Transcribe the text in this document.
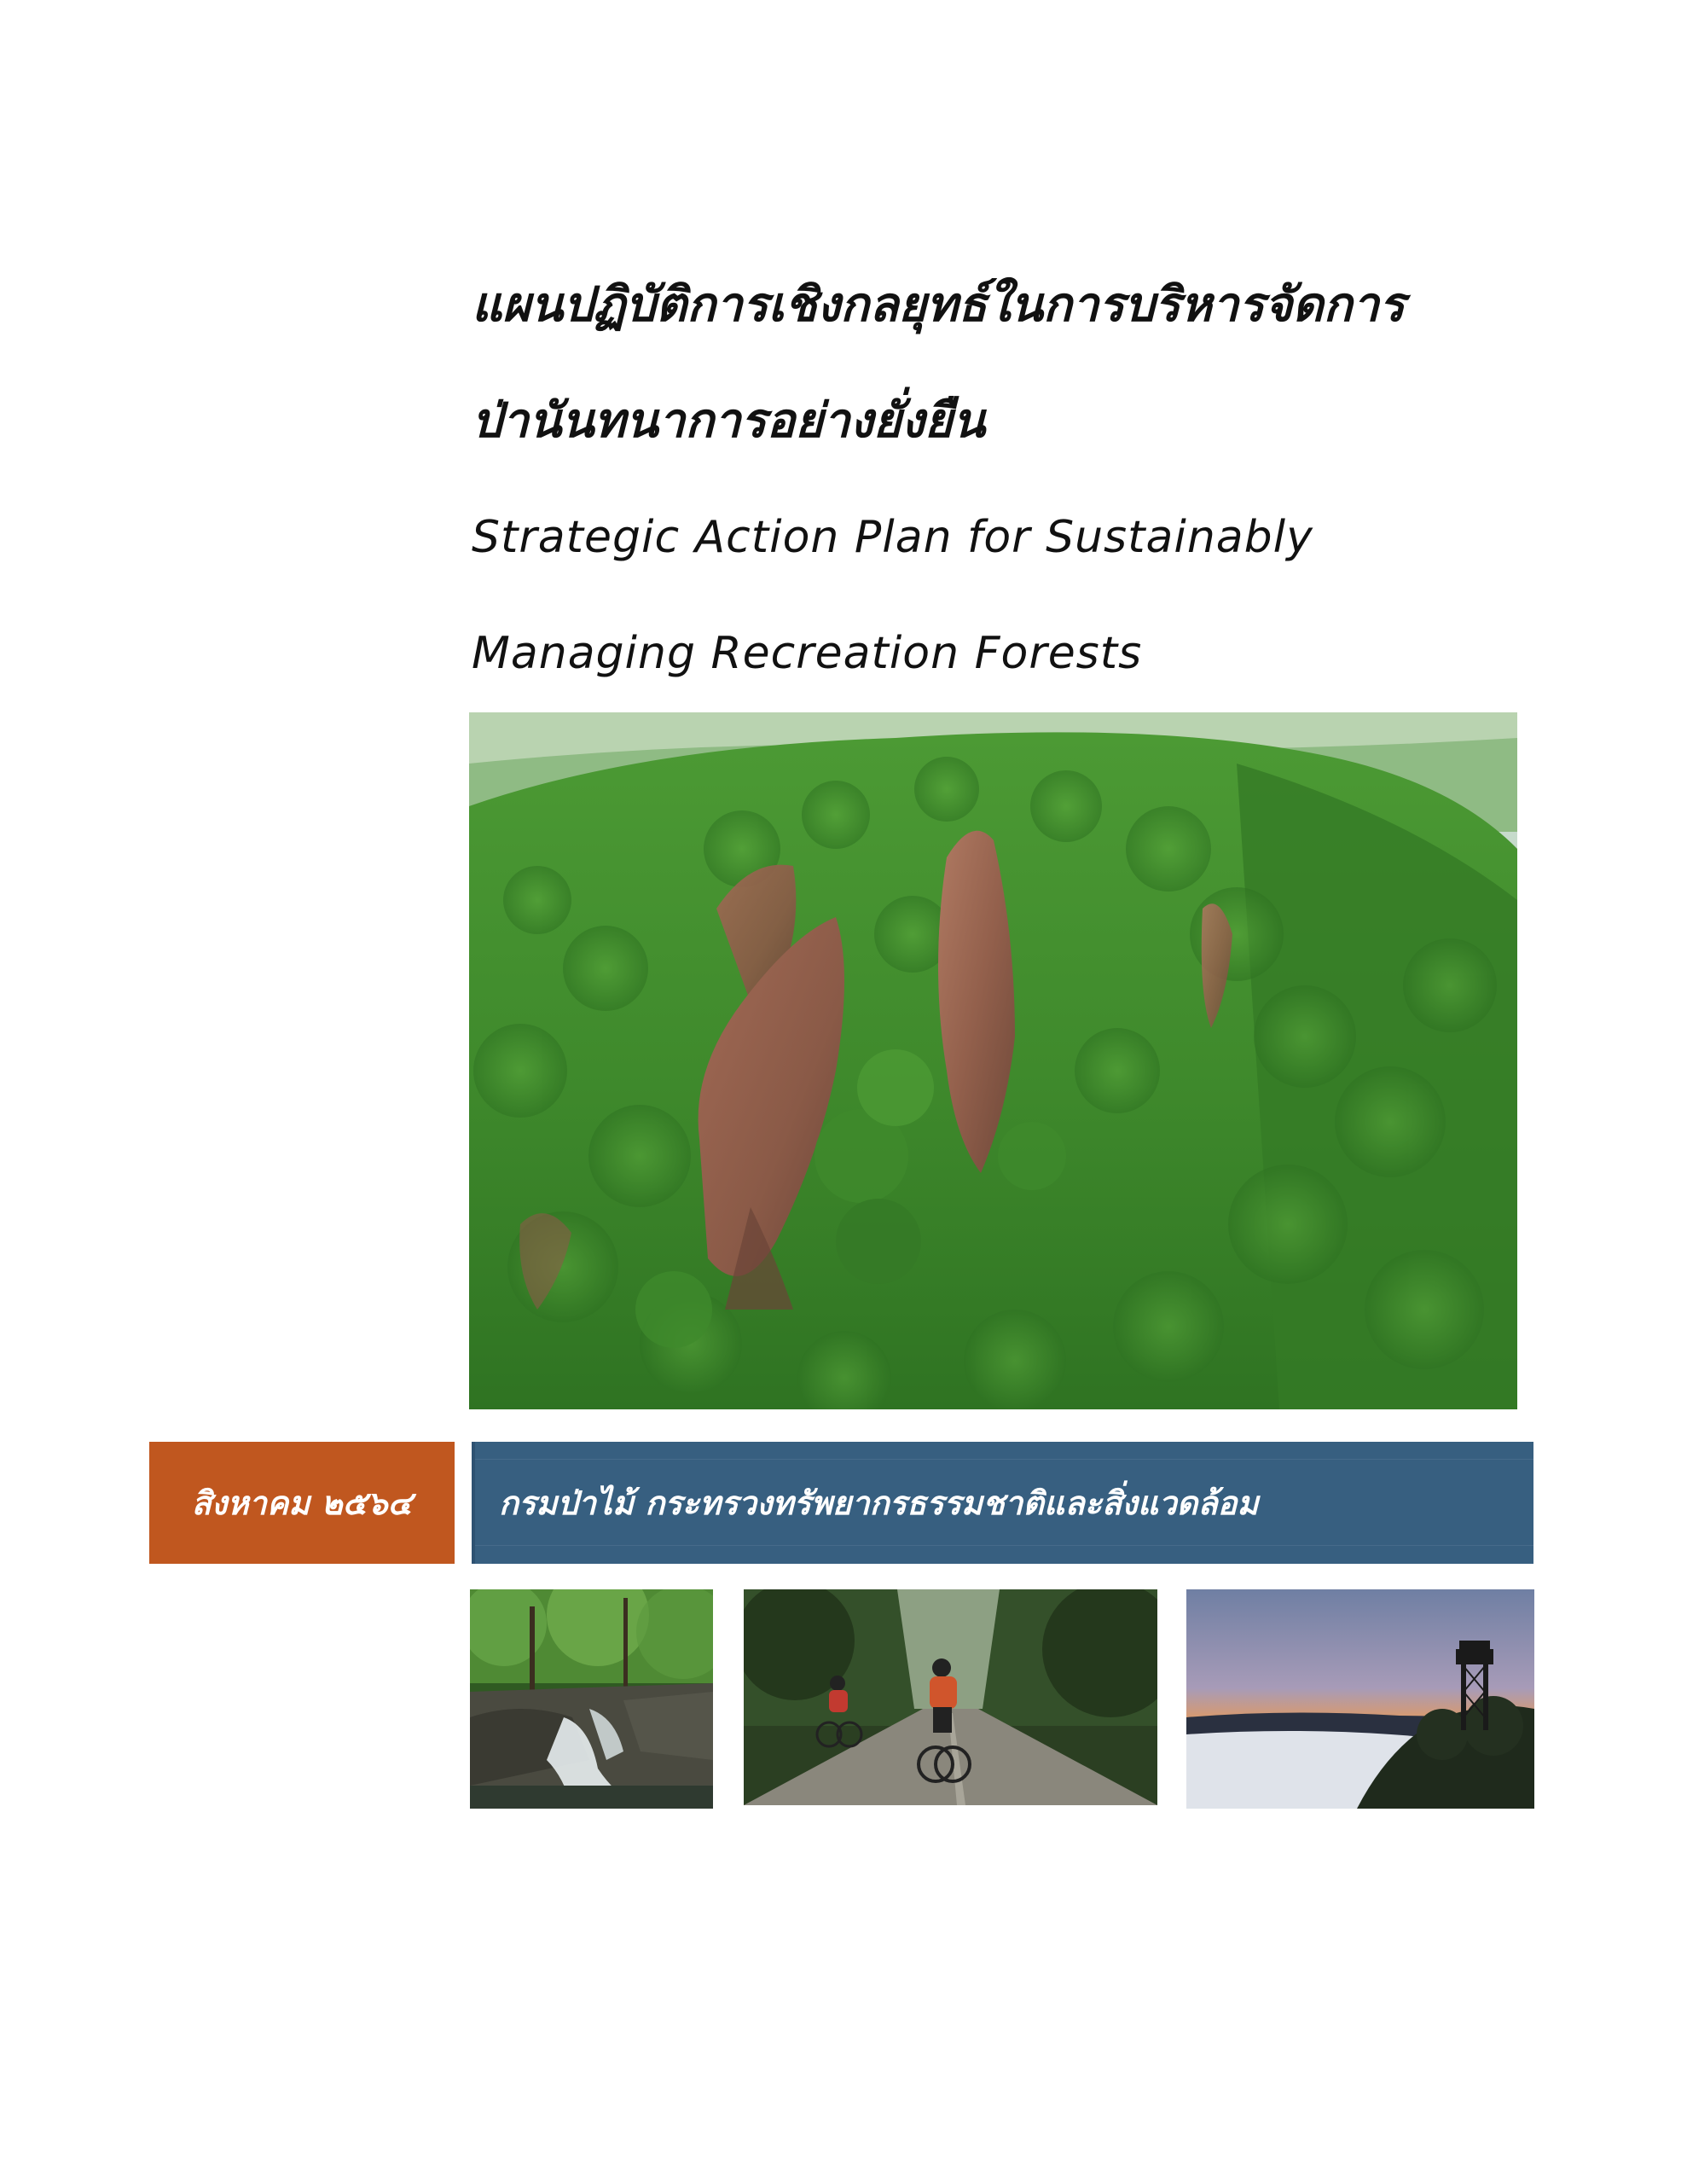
แผนปฏิบัติการเชิงกลยุทธ์ในการบริหารจัดการ

ป่านันทนาการอย่างยั่งยืน

Strategic Action Plan for Sustainably

Managing Recreation Forests

สิงหาคม ๒๕๖๔	กรมป่าไม้ กระทรวงทรัพยากรธรรมชาติและสิ่งแวดล้อม
